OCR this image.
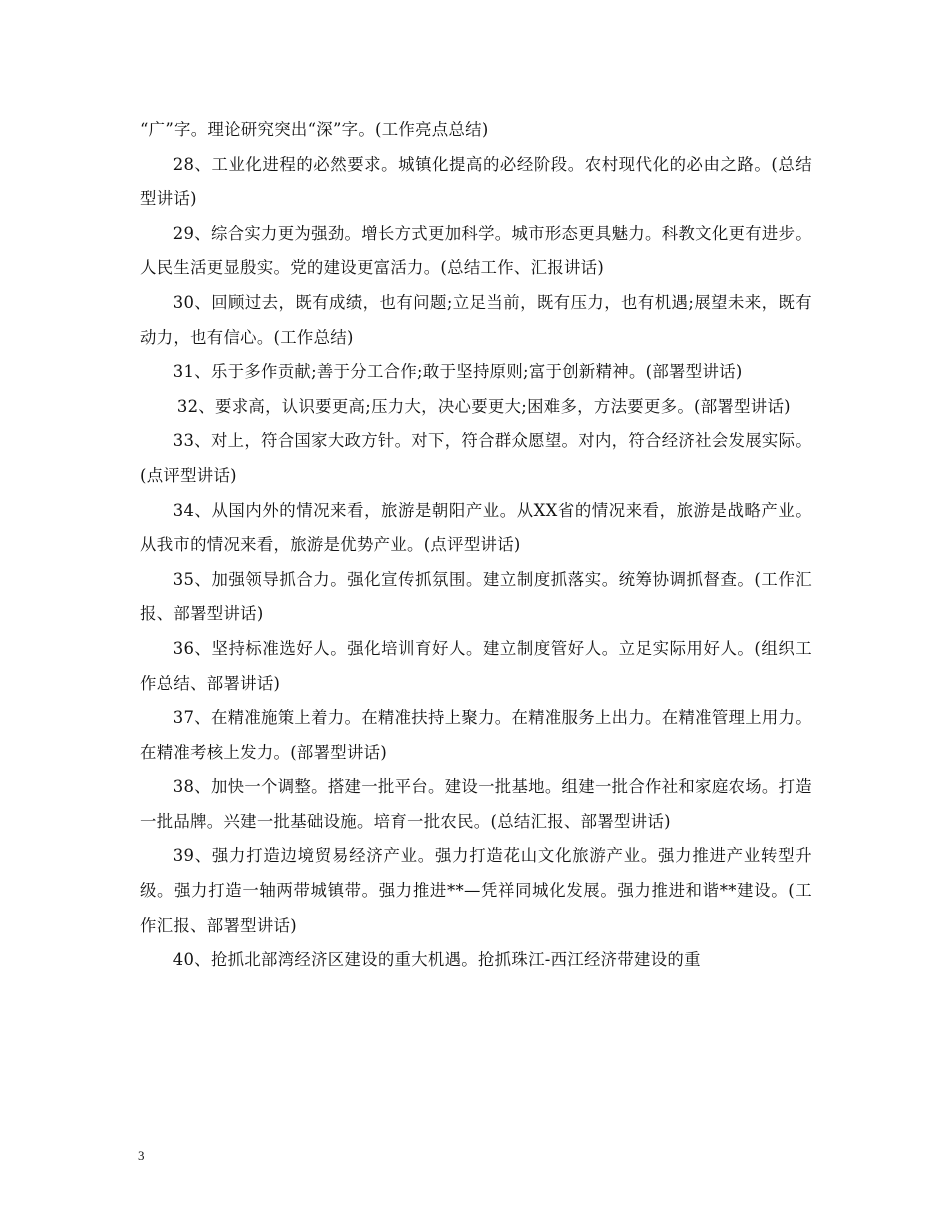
“广”字。理论研究突出“深”字。(工作亮点总结)

28、工业化进程的必然要求。城镇化提高的必经阶段。农村现代化的必由之路。(总结型讲话)

29、综合实力更为强劲。增长方式更加科学。城市形态更具魅力。科教文化更有进步。人民生活更显殷实。党的建设更富活力。(总结工作、汇报讲话)

30、回顾过去，既有成绩，也有问题;立足当前，既有压力，也有机遇;展望未来，既有动力，也有信心。(工作总结)

31、乐于多作贡献;善于分工合作;敢于坚持原则;富于创新精神。(部署型讲话)

32、要求高，认识要更高;压力大，决心要更大;困难多，方法要更多。(部署型讲话)

33、对上，符合国家大政方针。对下，符合群众愿望。对内，符合经济社会发展实际。(点评型讲话)

34、从国内外的情况来看，旅游是朝阳产业。从XX省的情况来看，旅游是战略产业。从我市的情况来看，旅游是优势产业。(点评型讲话)

35、加强领导抓合力。强化宣传抓氛围。建立制度抓落实。统筹协调抓督查。(工作汇报、部署型讲话)

36、坚持标准选好人。强化培训育好人。建立制度管好人。立足实际用好人。(组织工作总结、部署讲话)

37、在精准施策上着力。在精准扶持上聚力。在精准服务上出力。在精准管理上用力。在精准考核上发力。(部署型讲话)

38、加快一个调整。搭建一批平台。建设一批基地。组建一批合作社和家庭农场。打造一批品牌。兴建一批基础设施。培育一批农民。(总结汇报、部署型讲话)

39、强力打造边境贸易经济产业。强力打造花山文化旅游产业。强力推进产业转型升级。强力打造一轴两带城镇带。强力推进**—凭祥同城化发展。强力推进和谐**建设。(工作汇报、部署型讲话)

40、抢抓北部湾经济区建设的重大机遇。抢抓珠江-西江经济带建设的重

3
